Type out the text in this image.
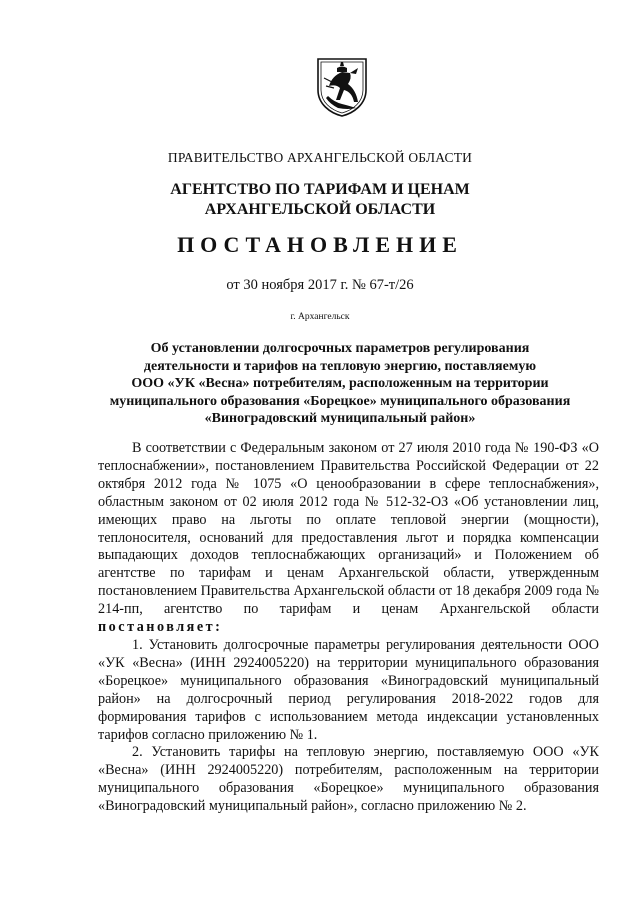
ПРАВИТЕЛЬСТВО АРХАНГЕЛЬСКОЙ ОБЛАСТИ
АГЕНТСТВО ПО ТАРИФАМ И ЦЕНАМ
АРХАНГЕЛЬСКОЙ ОБЛАСТИ
ПОСТАНОВЛЕНИЕ
от 30 ноября 2017 г. № 67-т/26
г. Архангельск
Об установлении долгосрочных параметров регулирования
деятельности и тарифов на тепловую энергию, поставляемую
ООО «УК «Весна» потребителям, расположенным на территории
муниципального образования «Борецкое» муниципального образования
«Виноградовский муниципальный район»

В соответствии с Федеральным законом от 27 июля 2010 года № 190-ФЗ «О теплоснабжении», постановлением Правительства Российской Федерации от 22 октября 2012 года № 1075 «О ценообразовании в сфере теплоснабжения», областным законом от 02 июля 2012 года № 512-32-ОЗ «Об установлении лиц, имеющих право на льготы по оплате тепловой энергии (мощности), теплоносителя, оснований для предоставления льгот и порядка компенсации выпадающих доходов теплоснабжающих организаций» и Положением об агентстве по тарифам и ценам Архангельской области, утвержденным постановлением Правительства Архангельской области от 18 декабря 2009 года № 214-пп, агентство по тарифам и ценам Архангельской области постановляет:

1. Установить долгосрочные параметры регулирования деятельности ООО «УК «Весна» (ИНН 2924005220) на территории муниципального образования «Борецкое» муниципального образования «Виноградовский муниципальный район» на долгосрочный период регулирования 2018-2022 годов для формирования тарифов с использованием метода индексации установленных тарифов согласно приложению № 1.

2. Установить тарифы на тепловую энергию, поставляемую ООО «УК «Весна» (ИНН 2924005220) потребителям, расположенным на территории муниципального образования «Борецкое» муниципального образования «Виноградовский муниципальный район», согласно приложению № 2.
